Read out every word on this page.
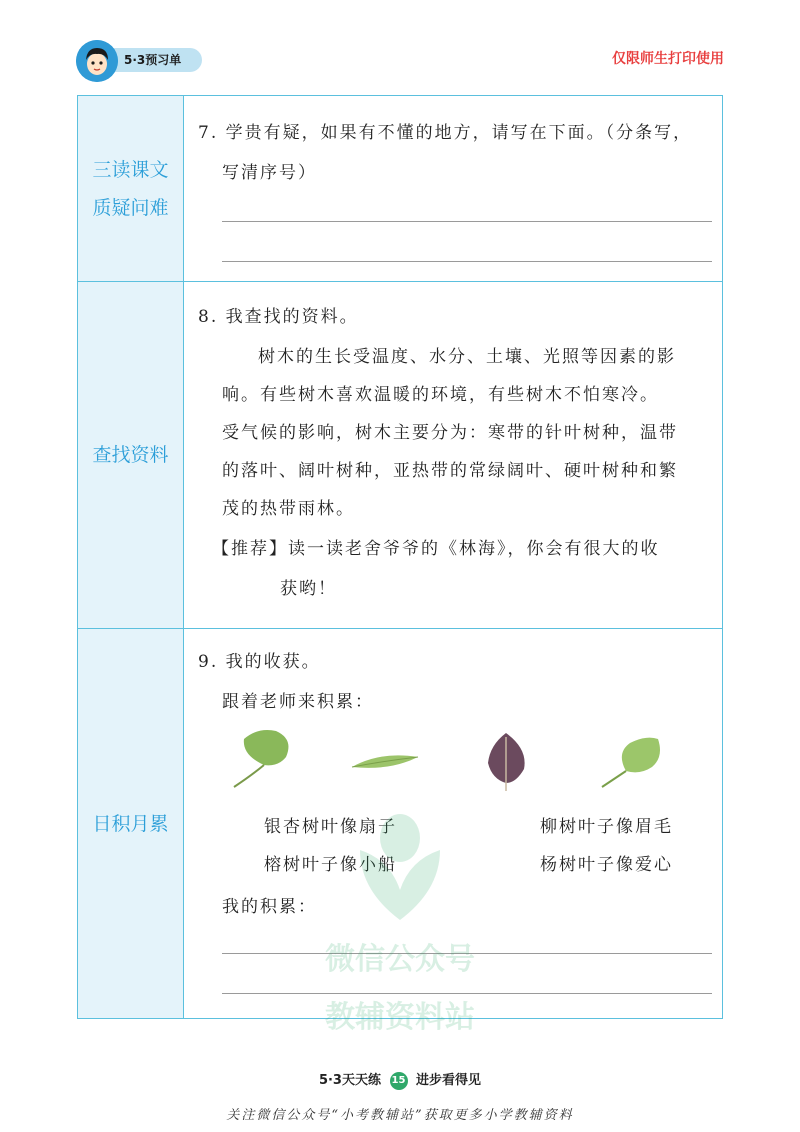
5·3预习单	仅限师生打印使用
三读课文
质疑问难
7. 学贵有疑，如果有不懂的地方，请写在下面。（分条写，
写清序号）
查找资料
8. 我查找的资料。
树木的生长受温度、水分、土壤、光照等因素的影
响。有些树木喜欢温暖的环境，有些树木不怕寒冷。
受气候的影响，树木主要分为：寒带的针叶树种，温带
的落叶、阔叶树种，亚热带的常绿阔叶、硬叶树种和繁
茂的热带雨林。
【推荐】读一读老舍爷爷的《林海》，你会有很大的收
获哟！
日积月累
9. 我的收获。
跟着老师来积累：
银杏树叶像扇子	柳树叶子像眉毛
榕树叶子像小船	杨树叶子像爱心
我的积累：
微信公众号
教辅资料站
5·3天天练 15 进步看得见
关注微信公众号“小考教辅站”获取更多小学教辅资料
